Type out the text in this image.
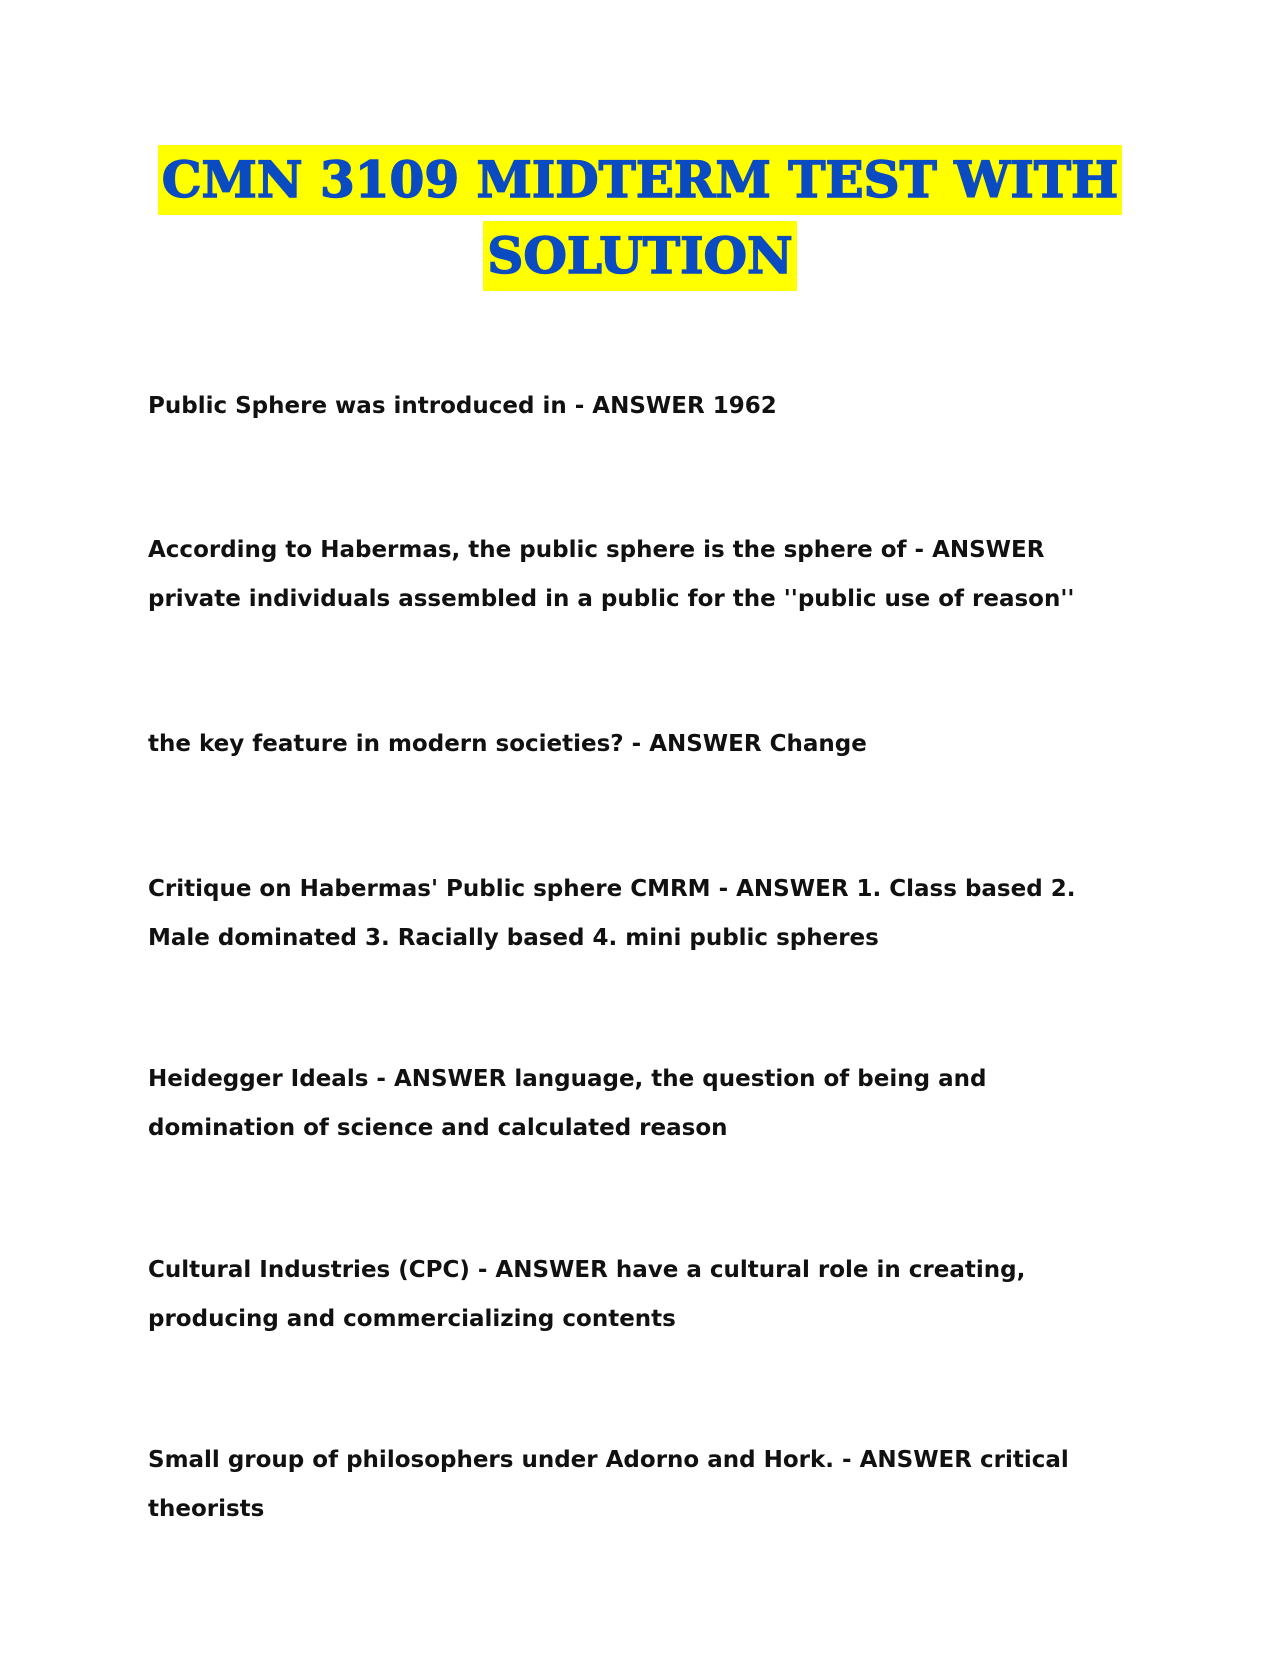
CMN 3109 MIDTERM TEST WITH
SOLUTION
Public Sphere was introduced in - ANSWER 1962
According to Habermas, the public sphere is the sphere of - ANSWER private individuals assembled in a public for the ''public use of reason''
the key feature in modern societies? - ANSWER Change
Critique on Habermas' Public sphere CMRM - ANSWER 1. Class based 2. Male dominated 3. Racially based 4. mini public spheres
Heidegger Ideals - ANSWER language, the question of being and domination of science and calculated reason
Cultural Industries (CPC) - ANSWER have a cultural role in creating, producing and commercializing contents
Small group of philosophers under Adorno and Hork. - ANSWER critical theorists
